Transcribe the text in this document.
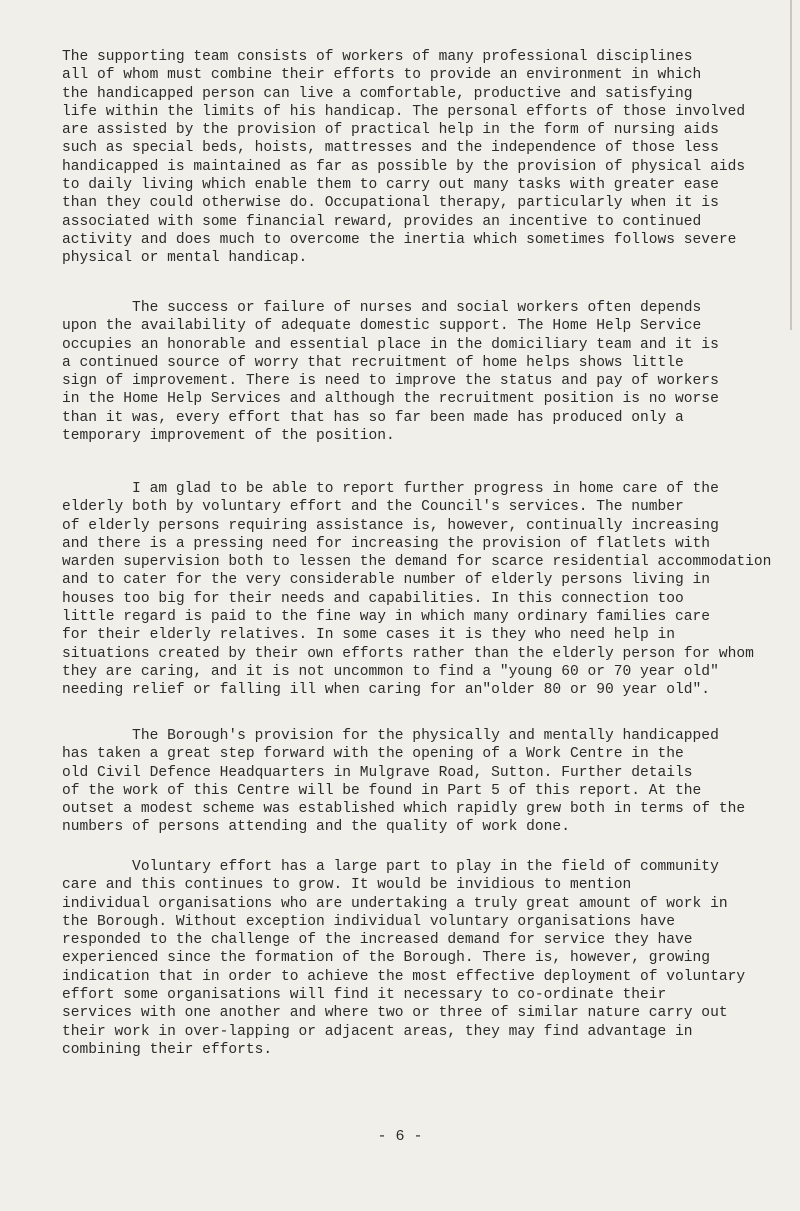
The supporting team consists of workers of many professional disciplines
all of whom must combine their efforts to provide an environment in which
the handicapped person can live a comfortable, productive and satisfying
life within the limits of his handicap. The personal efforts of those involved
are assisted by the provision of practical help in the form of nursing aids
such as special beds, hoists, mattresses and the independence of those less
handicapped is maintained as far as possible by the provision of physical aids
to daily living which enable them to carry out many tasks with greater ease
than they could otherwise do. Occupational therapy, particularly when it is
associated with some financial reward, provides an incentive to continued
activity and does much to overcome the inertia which sometimes follows severe
physical or mental handicap.
The success or failure of nurses and social workers often depends
upon the availability of adequate domestic support. The Home Help Service
occupies an honorable and essential place in the domiciliary team and it is
a continued source of worry that recruitment of home helps shows little
sign of improvement. There is need to improve the status and pay of workers
in the Home Help Services and although the recruitment position is no worse
than it was, every effort that has so far been made has produced only a
temporary improvement of the position.
I am glad to be able to report further progress in home care of the
elderly both by voluntary effort and the Council's services. The number
of elderly persons requiring assistance is, however, continually increasing
and there is a pressing need for increasing the provision of flatlets with
warden supervision both to lessen the demand for scarce residential accommodation
and to cater for the very considerable number of elderly persons living in
houses too big for their needs and capabilities. In this connection too
little regard is paid to the fine way in which many ordinary families care
for their elderly relatives. In some cases it is they who need help in
situations created by their own efforts rather than the elderly person for whom
they are caring, and it is not uncommon to find a "young 60 or 70 year old"
needing relief or falling ill when caring for an"older 80 or 90 year old".
The Borough's provision for the physically and mentally handicapped
has taken a great step forward with the opening of a Work Centre in the
old Civil Defence Headquarters in Mulgrave Road, Sutton. Further details
of the work of this Centre will be found in Part 5 of this report. At the
outset a modest scheme was established which rapidly grew both in terms of the
numbers of persons attending and the quality of work done.
Voluntary effort has a large part to play in the field of community
care and this continues to grow. It would be invidious to mention
individual organisations who are undertaking a truly great amount of work in
the Borough. Without exception individual voluntary organisations have
responded to the challenge of the increased demand for service they have
experienced since the formation of the Borough. There is, however, growing
indication that in order to achieve the most effective deployment of voluntary
effort some organisations will find it necessary to co-ordinate their
services with one another and where two or three of similar nature carry out
their work in over-lapping or adjacent areas, they may find advantage in
combining their efforts.
- 6 -
